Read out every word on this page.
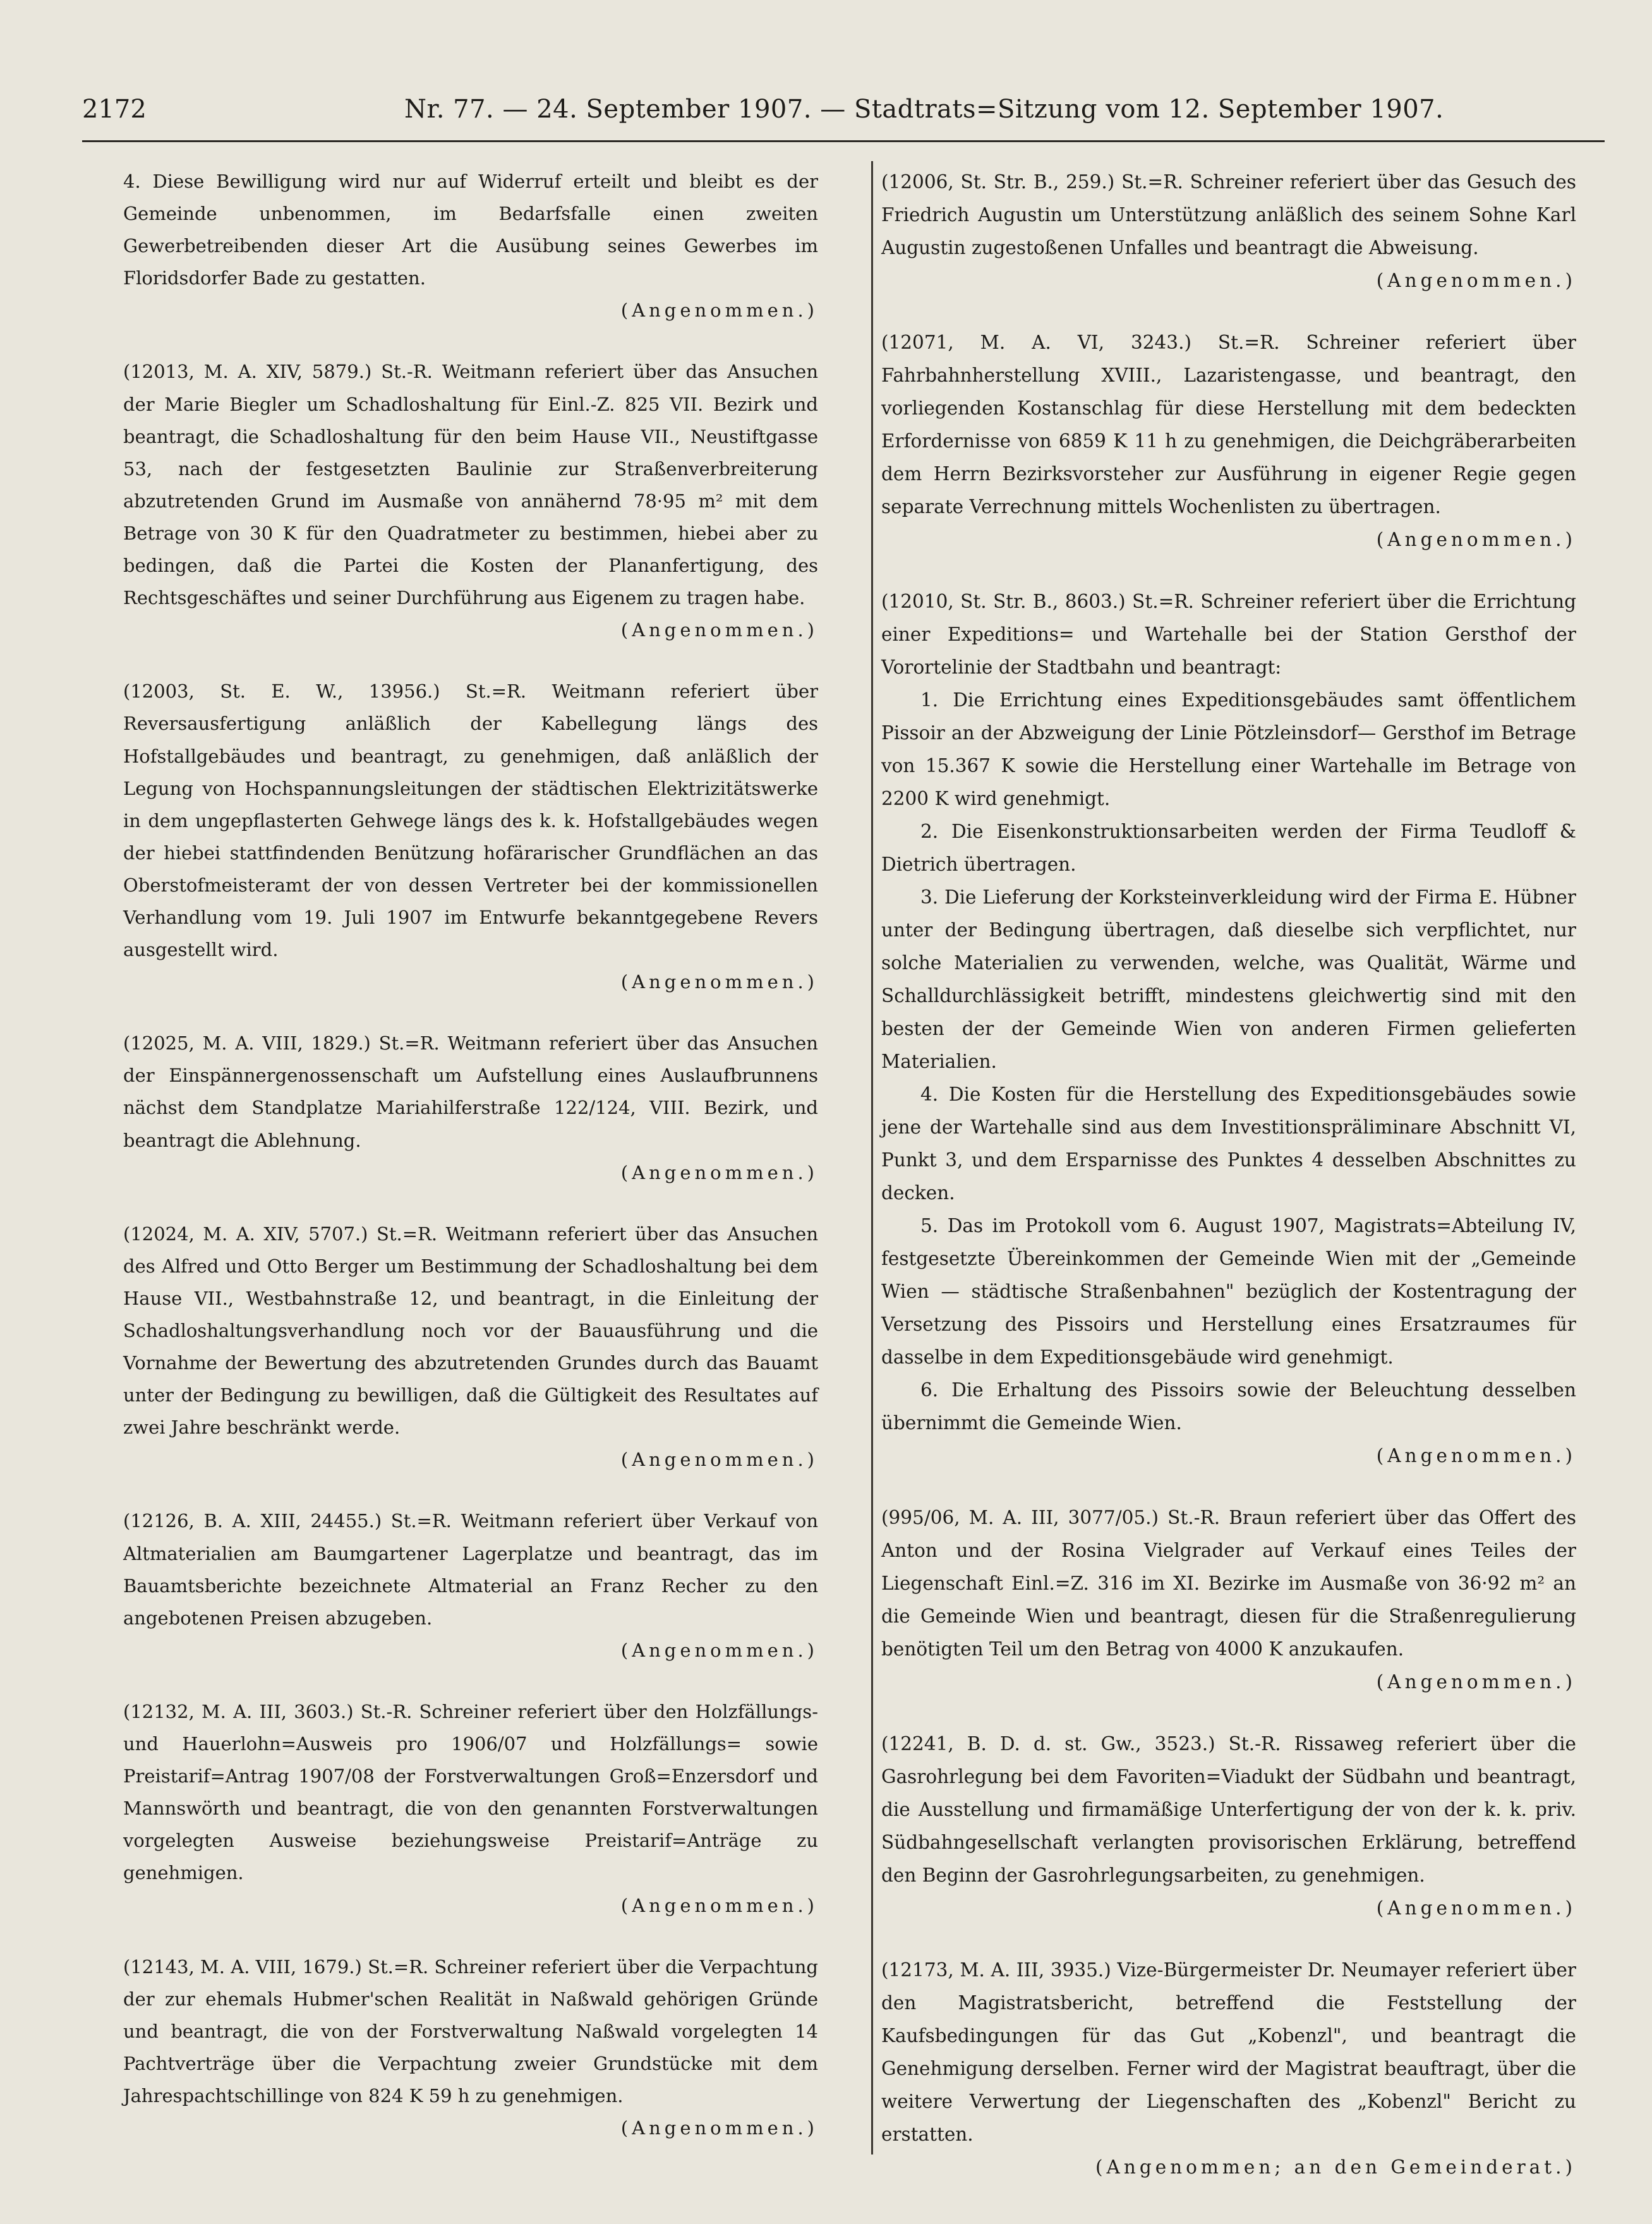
2172	Nr. 77. — 24. September 1907. — Stadtrats=Sitzung vom 12. September 1907.

4. Diese Bewilligung wird nur auf Widerruf erteilt und bleibt es der Gemeinde unbenommen, im Bedarfsfalle einen zweiten Gewerbetreibenden dieser Art die Ausübung seines Gewerbes im Floridsdorfer Bade zu gestatten.
(Angenommen.)

(12013, M. A. XIV, 5879.) St.-R. Weitmann referiert über das Ansuchen der Marie Biegler um Schadloshaltung für Einl.-Z. 825 VII. Bezirk und beantragt, die Schadloshaltung für den beim Hause VII., Neustiftgasse 53, nach der festgesetzten Baulinie zur Straßenverbreiterung abzutretenden Grund im Ausmaße von annähernd 78·95 m² mit dem Betrage von 30 K für den Quadratmeter zu bestimmen, hiebei aber zu bedingen, daß die Partei die Kosten der Plananfertigung, des Rechtsgeschäftes und seiner Durchführung aus Eigenem zu tragen habe.
(Angenommen.)

(12003, St. E. W., 13956.) St.=R. Weitmann referiert über Reversausfertigung anläßlich der Kabellegung längs des Hofstallgebäudes und beantragt, zu genehmigen, daß anläßlich der Legung von Hochspannungsleitungen der städtischen Elektrizitätswerke in dem ungepflasterten Gehwege längs des k. k. Hofstallgebäudes wegen der hiebei stattfindenden Benützung hofärarischer Grundflächen an das Oberstofmeisteramt der von dessen Vertreter bei der kommissionellen Verhandlung vom 19. Juli 1907 im Entwurfe bekanntgegebene Revers ausgestellt wird.
(Angenommen.)

(12025, M. A. VIII, 1829.) St.=R. Weitmann referiert über das Ansuchen der Einspännergenossenschaft um Aufstellung eines Auslaufbrunnens nächst dem Standplatze Mariahilferstraße 122/124, VIII. Bezirk, und beantragt die Ablehnung.
(Angenommen.)

(12024, M. A. XIV, 5707.) St.=R. Weitmann referiert über das Ansuchen des Alfred und Otto Berger um Bestimmung der Schadloshaltung bei dem Hause VII., Westbahnstraße 12, und beantragt, in die Einleitung der Schadloshaltungsverhandlung noch vor der Bauausführung und die Vornahme der Bewertung des abzutretenden Grundes durch das Bauamt unter der Bedingung zu bewilligen, daß die Gültigkeit des Resultates auf zwei Jahre beschränkt werde.
(Angenommen.)

(12126, B. A. XIII, 24455.) St.=R. Weitmann referiert über Verkauf von Altmaterialien am Baumgartener Lagerplatze und beantragt, das im Bauamtsberichte bezeichnete Altmaterial an Franz Recher zu den angebotenen Preisen abzugeben.
(Angenommen.)

(12132, M. A. III, 3603.) St.-R. Schreiner referiert über den Holzfällungs- und Hauerlohn=Ausweis pro 1906/07 und Holzfällungs= sowie Preistarif=Antrag 1907/08 der Forstverwaltungen Groß=Enzersdorf und Mannswörth und beantragt, die von den genannten Forstverwaltungen vorgelegten Ausweise beziehungsweise Preistarif=Anträge zu genehmigen.
(Angenommen.)

(12143, M. A. VIII, 1679.) St.=R. Schreiner referiert über die Verpachtung der zur ehemals Hubmer'schen Realität in Naßwald gehörigen Gründe und beantragt, die von der Forstverwaltung Naßwald vorgelegten 14 Pachtverträge über die Verpachtung zweier Grundstücke mit dem Jahrespachtschillinge von 824 K 59 h zu genehmigen.
(Angenommen.)

(12006, St. Str. B., 259.) St.=R. Schreiner referiert über das Gesuch des Friedrich Augustin um Unterstützung anläßlich des seinem Sohne Karl Augustin zugestoßenen Unfalles und beantragt die Abweisung.
(Angenommen.)

(12071, M. A. VI, 3243.) St.=R. Schreiner referiert über Fahrbahnherstellung XVIII., Lazaristengasse, und beantragt, den vorliegenden Kostanschlag für diese Herstellung mit dem bedeckten Erfordernisse von 6859 K 11 h zu genehmigen, die Deichgräberarbeiten dem Herrn Bezirksvorsteher zur Ausführung in eigener Regie gegen separate Verrechnung mittels Wochenlisten zu übertragen.
(Angenommen.)

(12010, St. Str. B., 8603.) St.=R. Schreiner referiert über die Errichtung einer Expeditions= und Wartehalle bei der Station Gersthof der Vorortelinie der Stadtbahn und beantragt:

1. Die Errichtung eines Expeditionsgebäudes samt öffentlichem Pissoir an der Abzweigung der Linie Pötzleinsdorf— Gersthof im Betrage von 15.367 K sowie die Herstellung einer Wartehalle im Betrage von 2200 K wird genehmigt.

2. Die Eisenkonstruktionsarbeiten werden der Firma Teudloff & Dietrich übertragen.

3. Die Lieferung der Korksteinverkleidung wird der Firma E. Hübner unter der Bedingung übertragen, daß dieselbe sich verpflichtet, nur solche Materialien zu verwenden, welche, was Qualität, Wärme und Schalldurchlässigkeit betrifft, mindestens gleichwertig sind mit den besten der der Gemeinde Wien von anderen Firmen gelieferten Materialien.

4. Die Kosten für die Herstellung des Expeditionsgebäudes sowie jene der Wartehalle sind aus dem Investitionspräliminare Abschnitt VI, Punkt 3, und dem Ersparnisse des Punktes 4 desselben Abschnittes zu decken.

5. Das im Protokoll vom 6. August 1907, Magistrats=Abteilung IV, festgesetzte Übereinkommen der Gemeinde Wien mit der „Gemeinde Wien — städtische Straßenbahnen" bezüglich der Kostentragung der Versetzung des Pissoirs und Herstellung eines Ersatzraumes für dasselbe in dem Expeditionsgebäude wird genehmigt.

6. Die Erhaltung des Pissoirs sowie der Beleuchtung desselben übernimmt die Gemeinde Wien.

(Angenommen.)

(995/06, M. A. III, 3077/05.) St.-R. Braun referiert über das Offert des Anton und der Rosina Vielgrader auf Verkauf eines Teiles der Liegenschaft Einl.=Z. 316 im XI. Bezirke im Ausmaße von 36·92 m² an die Gemeinde Wien und beantragt, diesen für die Straßenregulierung benötigten Teil um den Betrag von 4000 K anzukaufen.
(Angenommen.)

(12241, B. D. d. st. Gw., 3523.) St.-R. Rissaweg referiert über die Gasrohrlegung bei dem Favoriten=Viadukt der Südbahn und beantragt, die Ausstellung und firmamäßige Unterfertigung der von der k. k. priv. Südbahngesellschaft verlangten provisorischen Erklärung, betreffend den Beginn der Gasrohrlegungsarbeiten, zu genehmigen.
(Angenommen.)

(12173, M. A. III, 3935.) Vize-Bürgermeister Dr. Neumayer referiert über den Magistratsbericht, betreffend die Feststellung der Kaufsbedingungen für das Gut „Kobenzl", und beantragt die Genehmigung derselben. Ferner wird der Magistrat beauftragt, über die weitere Verwertung der Liegenschaften des „Kobenzl" Bericht zu erstatten.
(Angenommen; an den Gemeinderat.)
